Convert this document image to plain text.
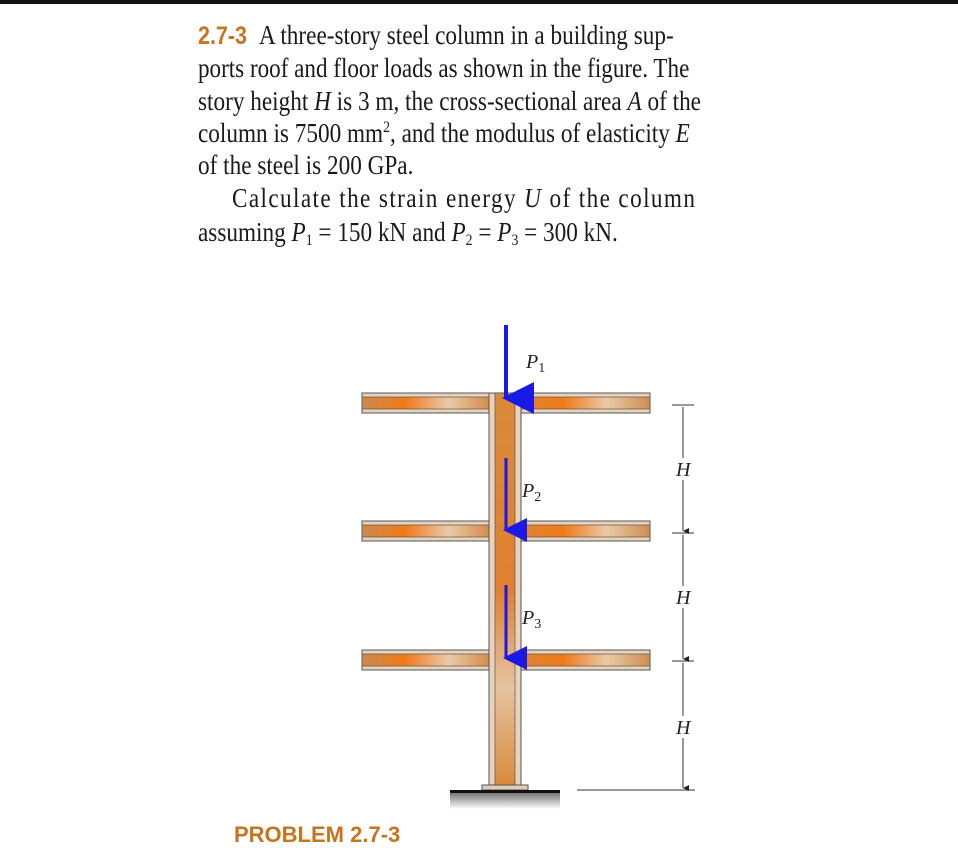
2.7-3 A three-story steel column in a building sup-
ports roof and floor loads as shown in the figure. The
story height H is 3 m, the cross-sectional area A of the
column is 7500 $mm^2$, and the modulus of elasticity E
of the steel is 200 GPa.
Calculate the strain energy U of the column
assuming $P_1 = 150$ kN and $P_2 = P_3 = 300$ kN.
$P_1$
$P_2$
$P_3$
H
H
H
PROBLEM 2.7-3
